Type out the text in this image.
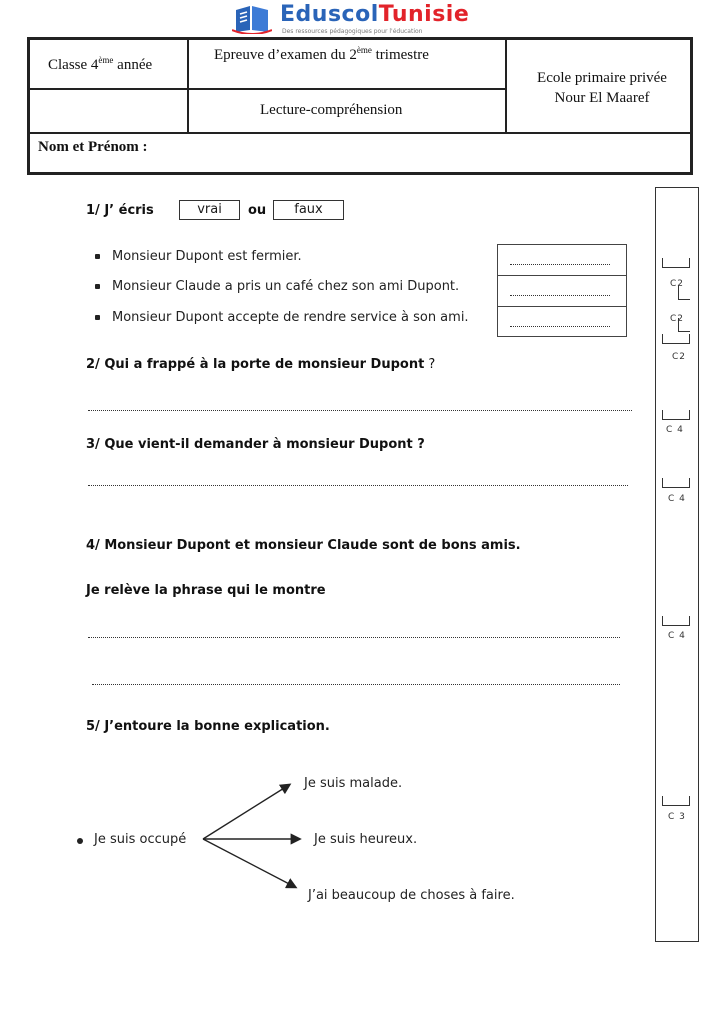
EduscolTunisie
Des ressources pédagogiques pour l'éducation
Classe 4ème année
Epreuve d’examen du 2ème trimestre
Lecture-compréhension
Ecole primaire privée
Nour El Maaref
Nom et Prénom :
C2
C2
C2
C 4
C 4
C 4
C 3
1/ J’ écris	vrai	ou	faux
Monsieur Dupont est fermier.
Monsieur Claude a pris un café chez son ami Dupont.
Monsieur Dupont accepte de rendre service à son ami.
2/ Qui a frappé à la porte de monsieur Dupont ?
3/ Que vient-il demander à monsieur Dupont ?
4/ Monsieur Dupont et monsieur Claude sont de bons amis.
Je relève la phrase qui le montre
5/ J’entoure la bonne explication.
Je suis occupé
Je suis malade.
Je suis heureux.
J’ai beaucoup de choses à faire.
